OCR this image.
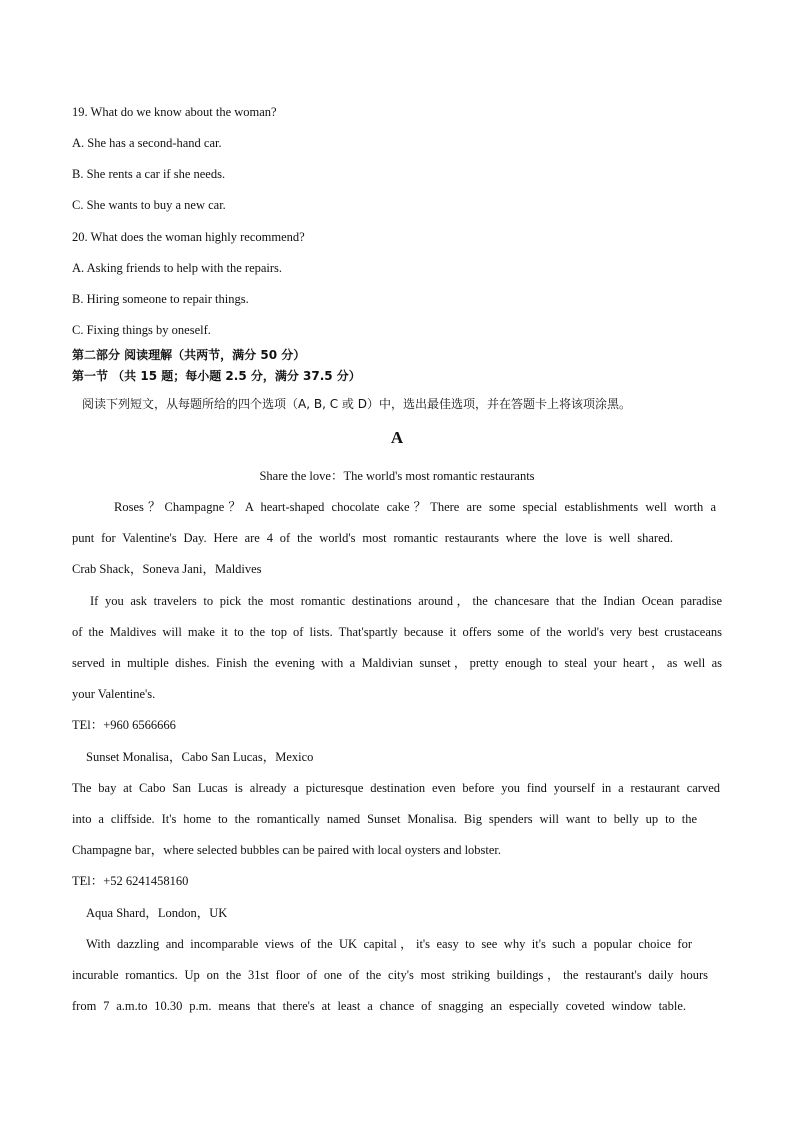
19. What do we know about the woman?
A. She has a second-hand car.
B. She rents a car if she needs.
C. She wants to buy a new car.
20. What does the woman highly recommend?
A. Asking friends to help with the repairs.
B. Hiring someone to repair things.
C. Fixing things by oneself.
第二部分 阅读理解（共两节，满分 50 分）
第一节 （共 15 题；每小题 2.5 分，满分 37.5 分）
阅读下列短文，从每题所给的四个选项（A, B, C 或 D）中，选出最佳选项，并在答题卡上将该项涂黑。
A
Share the love：The world's most romantic restaurants
Roses？Champagne？A heart-shaped chocolate cake？There are some special establishments well worth a
punt for Valentine's Day. Here are 4 of the world's most romantic restaurants where the love is well shared.
Crab Shack，Soneva Jani，Maldives
If you ask travelers to pick the most romantic destinations around，the chancesare that the Indian Ocean paradise
of the Maldives will make it to the top of lists. That'spartly because it offers some of the world's very best crustaceans
served in multiple dishes. Finish the evening with a Maldivian sunset，pretty enough to steal your heart，as well as
your Valentine's.
TEl：+960 6566666
Sunset Monalisa，Cabo San Lucas，Mexico
The bay at Cabo San Lucas is already a picturesque destination even before you find yourself in a restaurant carved
into a cliffside. It's home to the romantically named Sunset Monalisa. Big spenders will want to belly up to the
Champagne bar，where selected bubbles can be paired with local oysters and lobster.
TEl：+52 6241458160
Aqua Shard，London，UK
With dazzling and incomparable views of the UK capital，it's easy to see why it's such a popular choice for
incurable romantics. Up on the 31st floor of one of the city's most striking buildings，the restaurant's daily hours
from 7 a.m.to 10.30 p.m. means that there's at least a chance of snagging an especially coveted window table.
